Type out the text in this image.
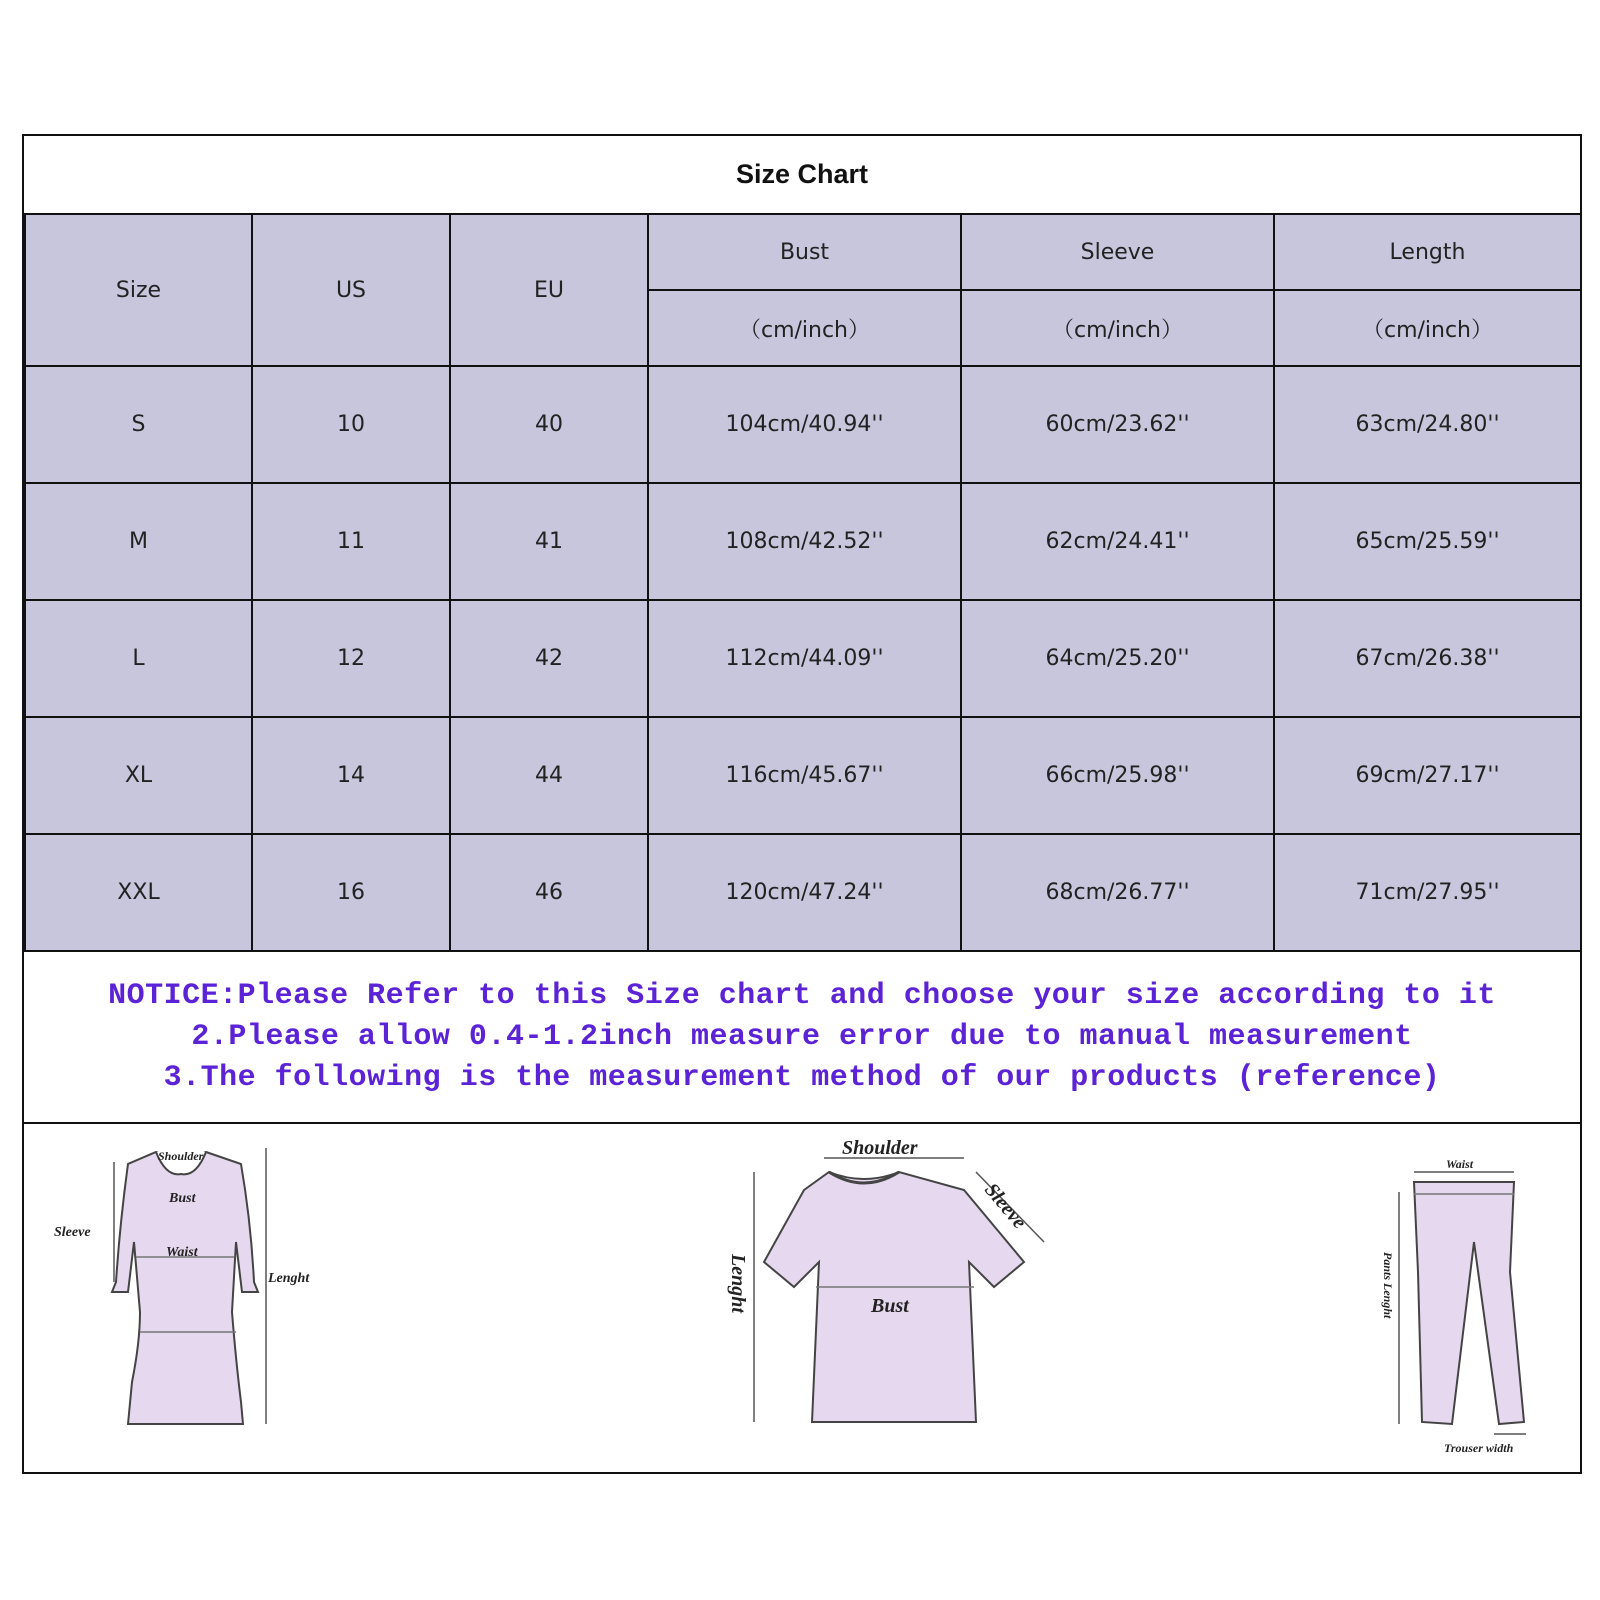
Size Chart
Size	US	EU	Bust	Sleeve	Length
			（cm/inch）	（cm/inch）	（cm/inch）
S	10	40	104cm/40.94''	60cm/23.62''	63cm/24.80''
M	11	41	108cm/42.52''	62cm/24.41''	65cm/25.59''
L	12	42	112cm/44.09''	64cm/25.20''	67cm/26.38''
XL	14	44	116cm/45.67''	66cm/25.98''	69cm/27.17''
XXL	16	46	120cm/47.24''	68cm/26.77''	71cm/27.95''
NOTICE:Please Refer to this Size chart and choose your size according to it
2.Please allow 0.4-1.2inch measure error due to manual measurement
3.The following is the measurement method of our products (reference)
Shoulder
Bust
Waist
Sleeve
Lenght
Shoulder
Bust
Sleeve
Lenght
Waist
Pants Lenght
Trouser width
